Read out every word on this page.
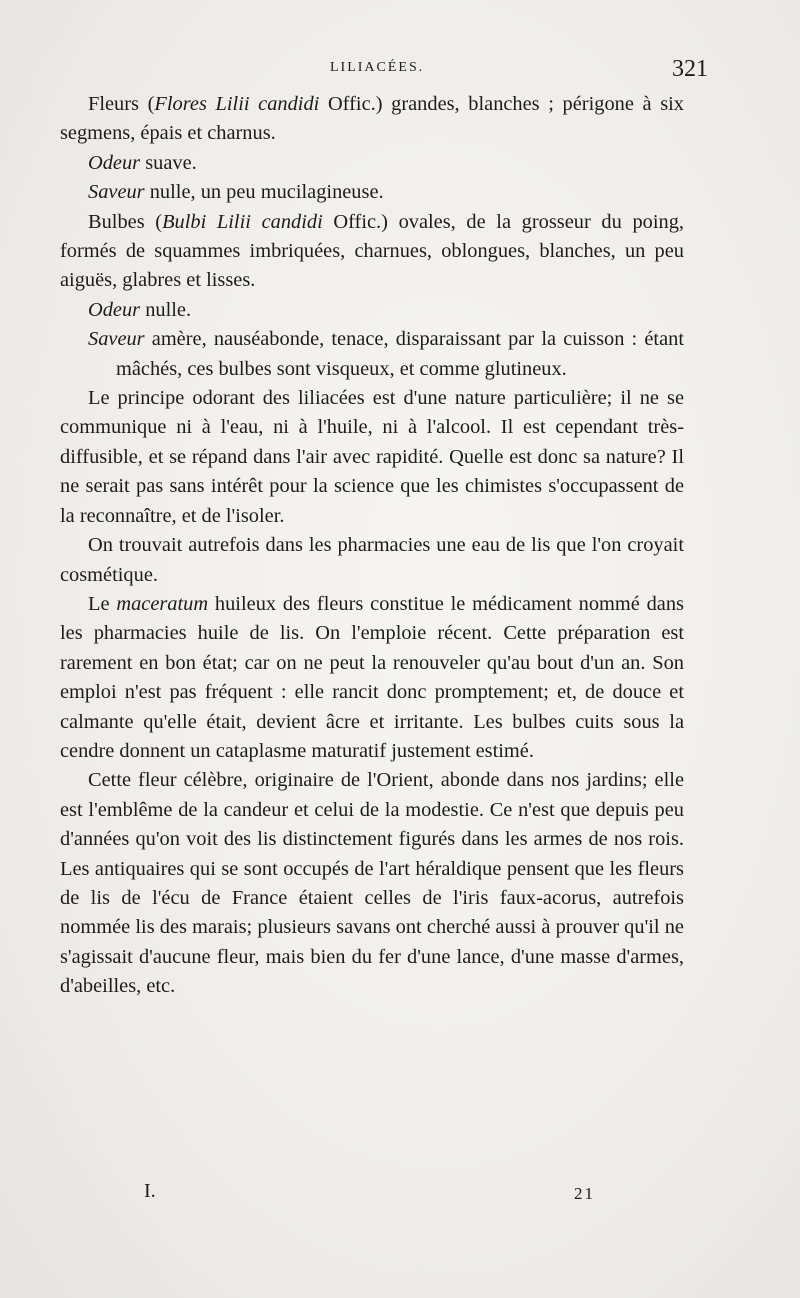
LILIACÉES.	321

Fleurs (Flores Lilii candidi Offic.) grandes, blanches ; périgone à six segmens, épais et charnus.

Odeur suave.

Saveur nulle, un peu mucilagineuse.

Bulbes (Bulbi Lilii candidi Offic.) ovales, de la grosseur du poing, formés de squammes imbriquées, charnues, oblongues, blanches, un peu aiguës, glabres et lisses.

Odeur nulle.

Saveur amère, nauséabonde, tenace, disparaissant par la cuisson : étant mâchés, ces bulbes sont visqueux, et comme glutineux.

Le principe odorant des liliacées est d'une nature particulière; il ne se communique ni à l'eau, ni à l'huile, ni à l'alcool. Il est cependant très-diffusible, et se répand dans l'air avec rapidité. Quelle est donc sa nature? Il ne serait pas sans intérêt pour la science que les chimistes s'occupassent de la reconnaître, et de l'isoler.

On trouvait autrefois dans les pharmacies une eau de lis que l'on croyait cosmétique.

Le maceratum huileux des fleurs constitue le médicament nommé dans les pharmacies huile de lis. On l'emploie récent. Cette préparation est rarement en bon état; car on ne peut la renouveler qu'au bout d'un an. Son emploi n'est pas fréquent : elle rancit donc promptement; et, de douce et calmante qu'elle était, devient âcre et irritante. Les bulbes cuits sous la cendre donnent un cataplasme maturatif justement estimé.

Cette fleur célèbre, originaire de l'Orient, abonde dans nos jardins; elle est l'emblême de la candeur et celui de la modestie. Ce n'est que depuis peu d'années qu'on voit des lis distinctement figurés dans les armes de nos rois. Les antiquaires qui se sont occupés de l'art héraldique pensent que les fleurs de lis de l'écu de France étaient celles de l'iris faux-acorus, autrefois nommée lis des marais; plusieurs savans ont cherché aussi à prouver qu'il ne s'agissait d'aucune fleur, mais bien du fer d'une lance, d'une masse d'armes, d'abeilles, etc.

I.	21
